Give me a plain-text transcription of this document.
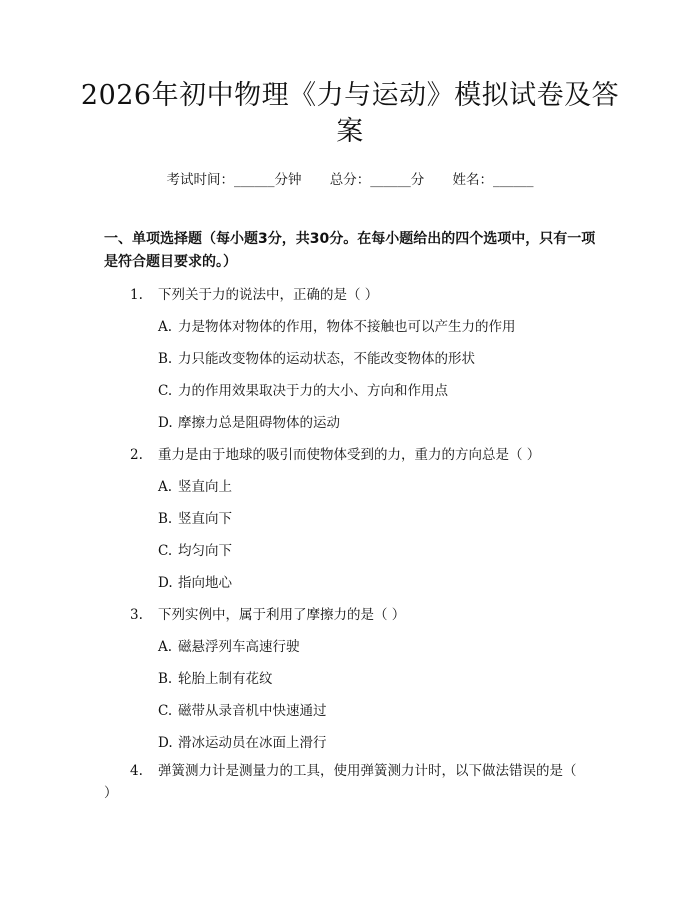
2026年初中物理《力与运动》模拟试卷及答案
考试时间：______分钟 总分：______分 姓名：______
一、单项选择题（每小题3分，共30分。在每小题给出的四个选项中，只有一项是符合题目要求的。）
1. 下列关于力的说法中，正确的是（ ）
A. 力是物体对物体的作用，物体不接触也可以产生力的作用
B. 力只能改变物体的运动状态，不能改变物体的形状
C. 力的作用效果取决于力的大小、方向和作用点
D. 摩擦力总是阻碍物体的运动
2. 重力是由于地球的吸引而使物体受到的力，重力的方向总是（ ）
A. 竖直向上
B. 竖直向下
C. 均匀向下
D. 指向地心
3. 下列实例中，属于利用了摩擦力的是（ ）
A. 磁悬浮列车高速行驶
B. 轮胎上制有花纹
C. 磁带从录音机中快速通过
D. 滑冰运动员在冰面上滑行
4. 弹簧测力计是测量力的工具，使用弹簧测力计时，以下做法错误的是（ ）
